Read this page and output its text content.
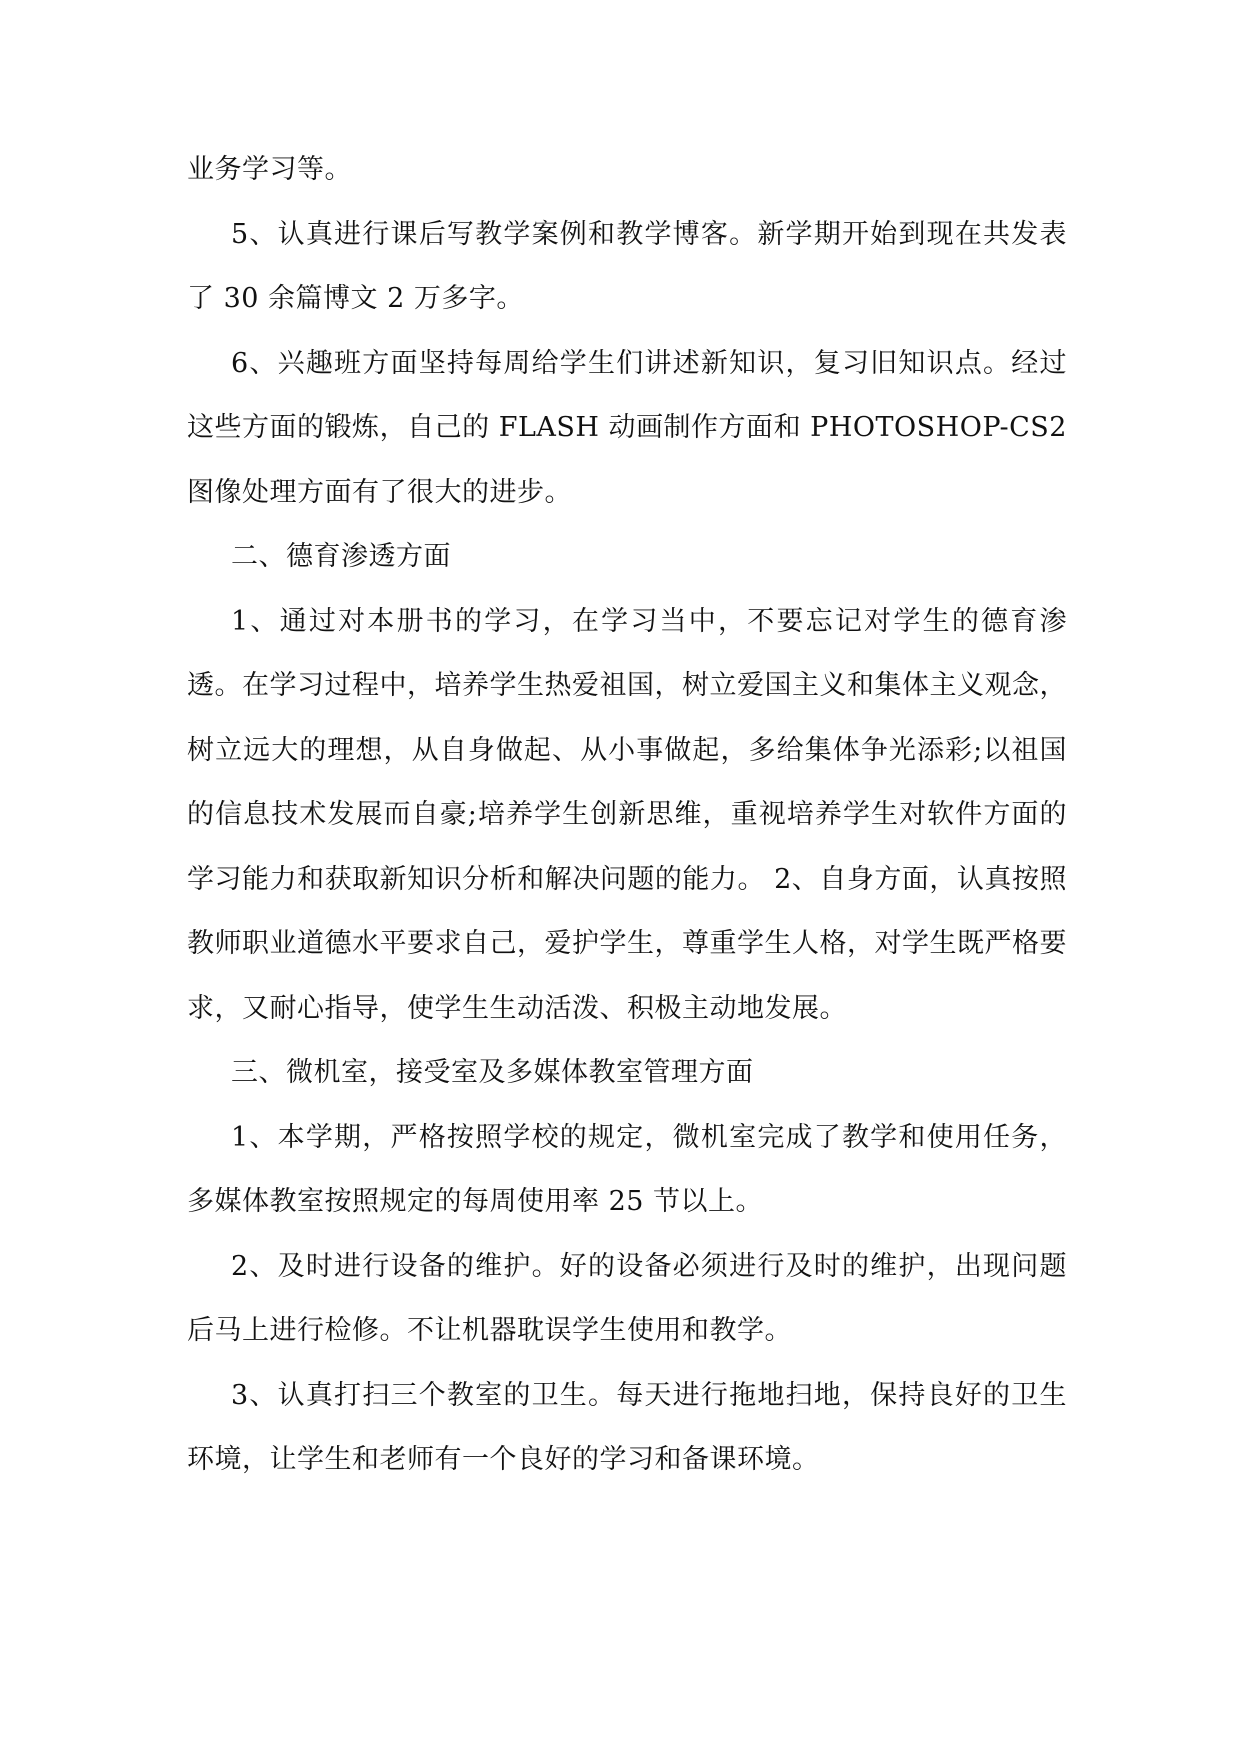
业务学习等。

5、认真进行课后写教学案例和教学博客。新学期开始到现在共发表了 30 余篇博文 2 万多字。

6、兴趣班方面坚持每周给学生们讲述新知识，复习旧知识点。经过这些方面的锻炼，自己的 FLASH 动画制作方面和 PHOTOSHOP-CS2 图像处理方面有了很大的进步。

二、德育渗透方面

1、通过对本册书的学习，在学习当中，不要忘记对学生的德育渗透。在学习过程中，培养学生热爱祖国，树立爱国主义和集体主义观念，树立远大的理想，从自身做起、从小事做起，多给集体争光添彩;以祖国的信息技术发展而自豪;培养学生创新思维，重视培养学生对软件方面的学习能力和获取新知识分析和解决问题的能力。 2、自身方面，认真按照教师职业道德水平要求自己，爱护学生，尊重学生人格，对学生既严格要求，又耐心指导，使学生生动活泼、积极主动地发展。

三、微机室，接受室及多媒体教室管理方面

1、本学期，严格按照学校的规定，微机室完成了教学和使用任务，多媒体教室按照规定的每周使用率 25 节以上。

2、及时进行设备的维护。好的设备必须进行及时的维护，出现问题后马上进行检修。不让机器耽误学生使用和教学。

3、认真打扫三个教室的卫生。每天进行拖地扫地，保持良好的卫生环境，让学生和老师有一个良好的学习和备课环境。
